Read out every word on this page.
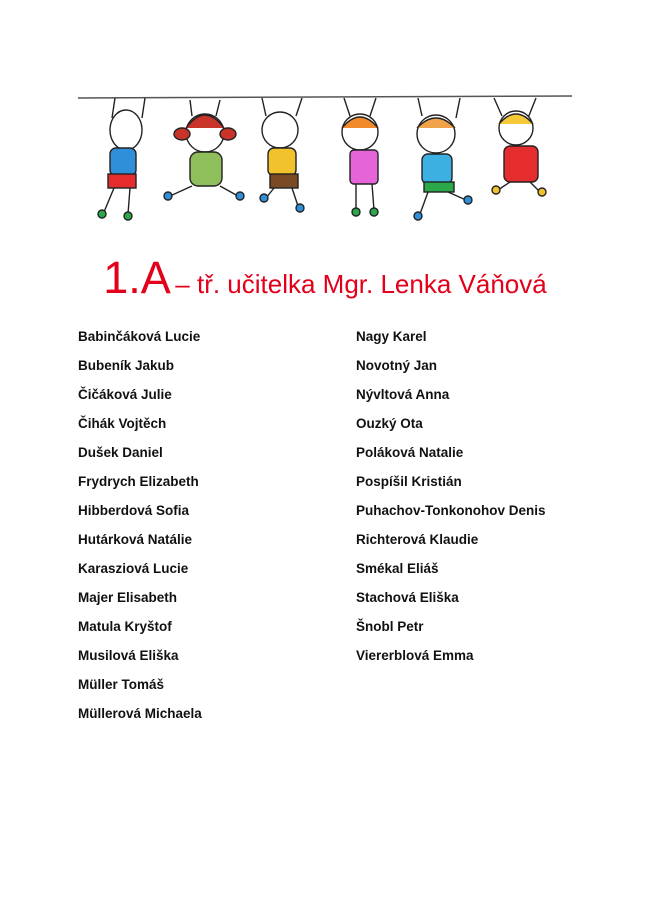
1.A – tř. učitelka Mgr. Lenka Váňová
Babinčáková Lucie
Bubeník Jakub
Čičáková Julie
Čihák Vojtěch
Dušek Daniel
Frydrych Elizabeth
Hibberdová Sofia
Hutárková Natálie
Karasziová Lucie
Majer Elisabeth
Matula Kryštof
Musilová Eliška
Müller Tomáš
Müllerová Michaela
Nagy Karel
Novotný Jan
Nývltová Anna
Ouzký Ota
Poláková Natalie
Pospíšil Kristián
Puhachov-Tonkonohov Denis
Richterová Klaudie
Smékal Eliáš
Stachová Eliška
Šnobl Petr
Viererblová Emma
